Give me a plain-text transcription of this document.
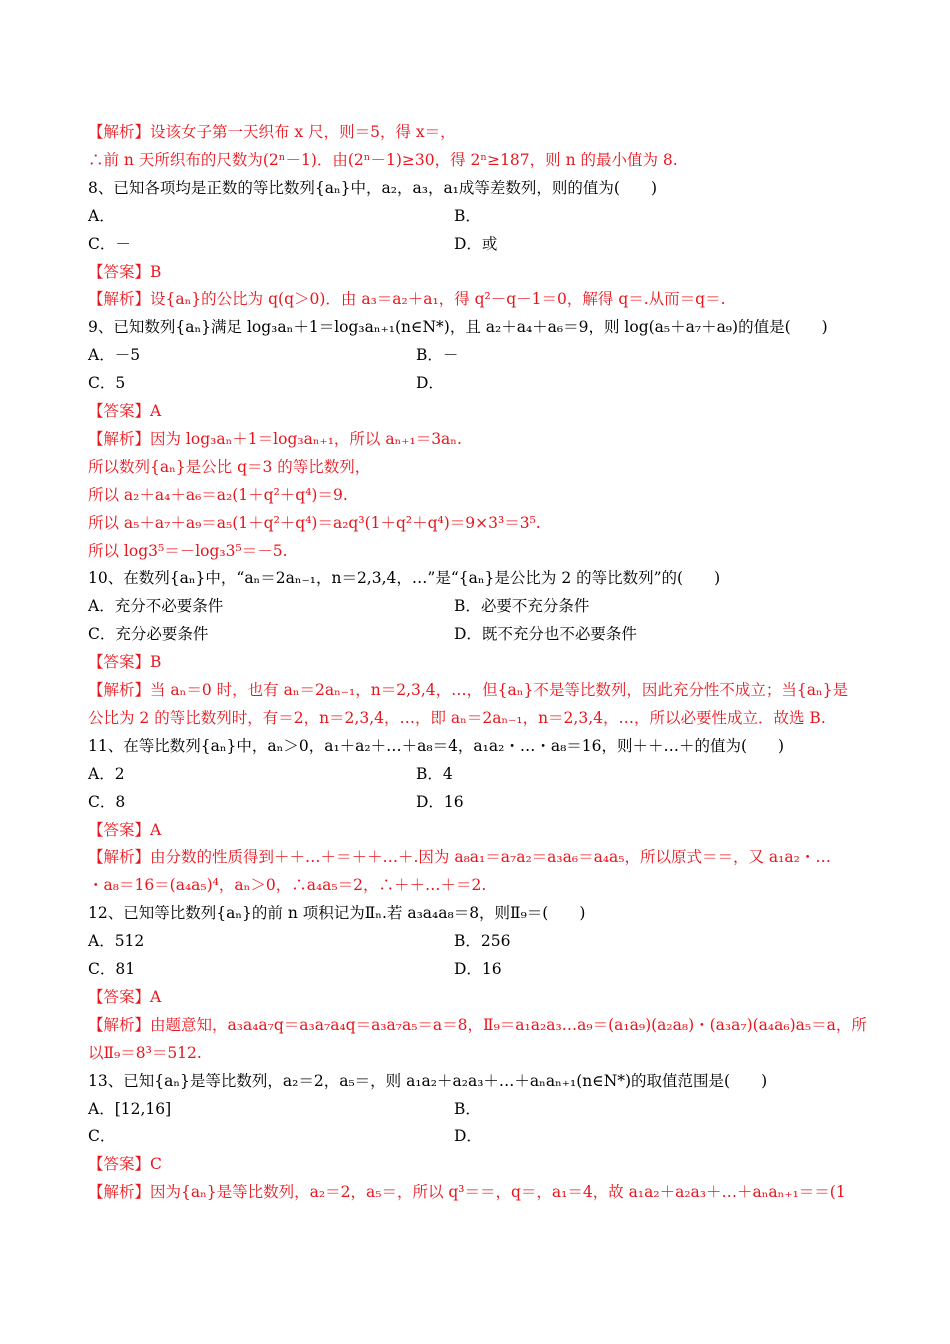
【解析】设该女子第一天织布 x 尺，则＝5，得 x＝，
∴前 n 天所织布的尺数为(2ⁿ－1)．由(2ⁿ－1)≥30，得 2ⁿ≥187，则 n 的最小值为 8.
8、已知各项均是正数的等比数列{aₙ}中，a₂，a₃，a₁成等差数列，则的值为(　　)
A．	B．
C．－	D．或
【答案】B
【解析】设{aₙ}的公比为 q(q＞0)．由 a₃＝a₂＋a₁，得 q²－q－1＝0，解得 q＝.从而＝q＝.
9、已知数列{aₙ}满足 log₃aₙ＋1＝log₃aₙ₊₁(n∈N*)，且 a₂＋a₄＋a₆＝9，则 log(a₅＋a₇＋a₉)的值是(　　)
A．－5	B．－
C．5	D．
【答案】A
【解析】因为 log₃aₙ＋1＝log₃aₙ₊₁，所以 aₙ₊₁＝3aₙ.
所以数列{aₙ}是公比 q＝3 的等比数列，
所以 a₂＋a₄＋a₆＝a₂(1＋q²＋q⁴)＝9.
所以 a₅＋a₇＋a₉＝a₅(1＋q²＋q⁴)＝a₂q³(1＋q²＋q⁴)＝9×3³＝3⁵.
所以 log3⁵＝－log₃3⁵＝－5.
10、在数列{aₙ}中，“aₙ＝2aₙ₋₁，n＝2,3,4，…”是“{aₙ}是公比为 2 的等比数列”的(　　)
A．充分不必要条件	B．必要不充分条件
C．充分必要条件	D．既不充分也不必要条件
【答案】B
【解析】当 aₙ＝0 时，也有 aₙ＝2aₙ₋₁，n＝2,3,4，…，但{aₙ}不是等比数列，因此充分性不成立；当{aₙ}是
公比为 2 的等比数列时，有＝2，n＝2,3,4，…，即 aₙ＝2aₙ₋₁，n＝2,3,4，…，所以必要性成立．故选 B.
11、在等比数列{aₙ}中，aₙ＞0，a₁＋a₂＋…＋a₈＝4，a₁a₂・…・a₈＝16，则＋＋…＋的值为(　　)
A．2	B．4
C．8	D．16
【答案】A
【解析】由分数的性质得到＋＋…＋＝＋＋…＋.因为 a₈a₁＝a₇a₂＝a₃a₆＝a₄a₅，所以原式＝＝，又 a₁a₂・…
・a₈＝16＝(a₄a₅)⁴，aₙ＞0，∴a₄a₅＝2，∴＋＋…＋＝2.
12、已知等比数列{aₙ}的前 n 项积记为Ⅱₙ.若 a₃a₄a₈＝8，则Ⅱ₉＝(　　)
A．512	B．256
C．81	D．16
【答案】A
【解析】由题意知，a₃a₄a₇q＝a₃a₇a₄q＝a₃a₇a₅＝a＝8，Ⅱ₉＝a₁a₂a₃…a₉＝(a₁a₉)(a₂a₈)・(a₃a₇)(a₄a₆)a₅＝a，所
以Ⅱ₉＝8³＝512.
13、已知{aₙ}是等比数列，a₂＝2，a₅＝，则 a₁a₂＋a₂a₃＋…＋aₙaₙ₊₁(n∈N*)的取值范围是(　　)
A．[12,16]	B．
C．	D．
【答案】C
【解析】因为{aₙ}是等比数列，a₂＝2，a₅＝，所以 q³＝＝，q＝，a₁＝4，故 a₁a₂＋a₂a₃＋…＋aₙaₙ₊₁＝＝(1
